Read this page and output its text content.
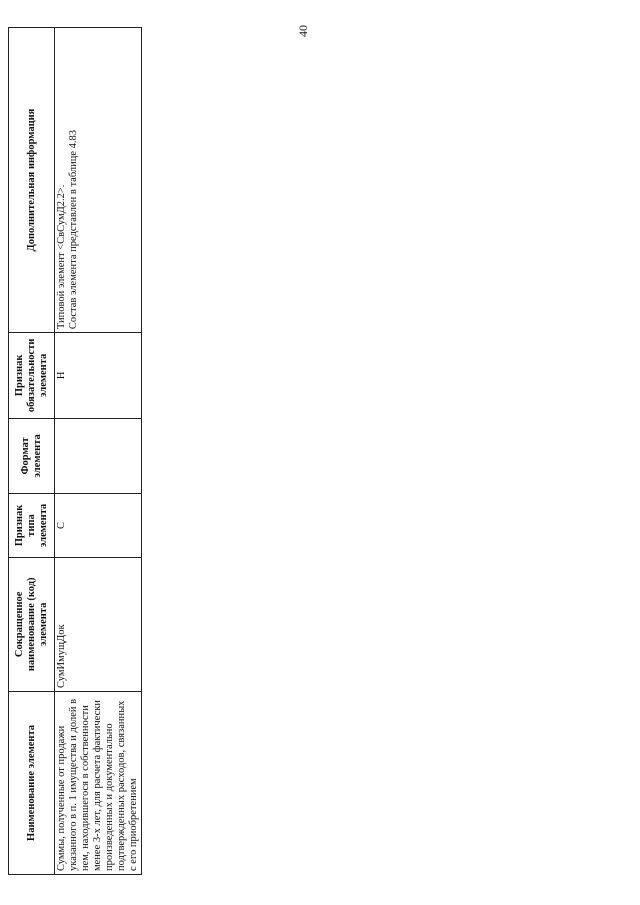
40
Наименование элемента	Сокращенное наименование (код) элемента	Признак типа элемента	Формат элемента	Признак обязательности элемента	Дополнительная информация
Суммы, полученные от продажи указанного в п. 1 имущества и долей в нем, находившегося в собственности менее 3-х лет, для расчета фактически произведенных и документально подтвержденных расходов, связанных с его приобретением	СумИмущДок	С		Н	Типовой элемент <СвСумД2.2>. Состав элемента представлен в таблице 4.83
